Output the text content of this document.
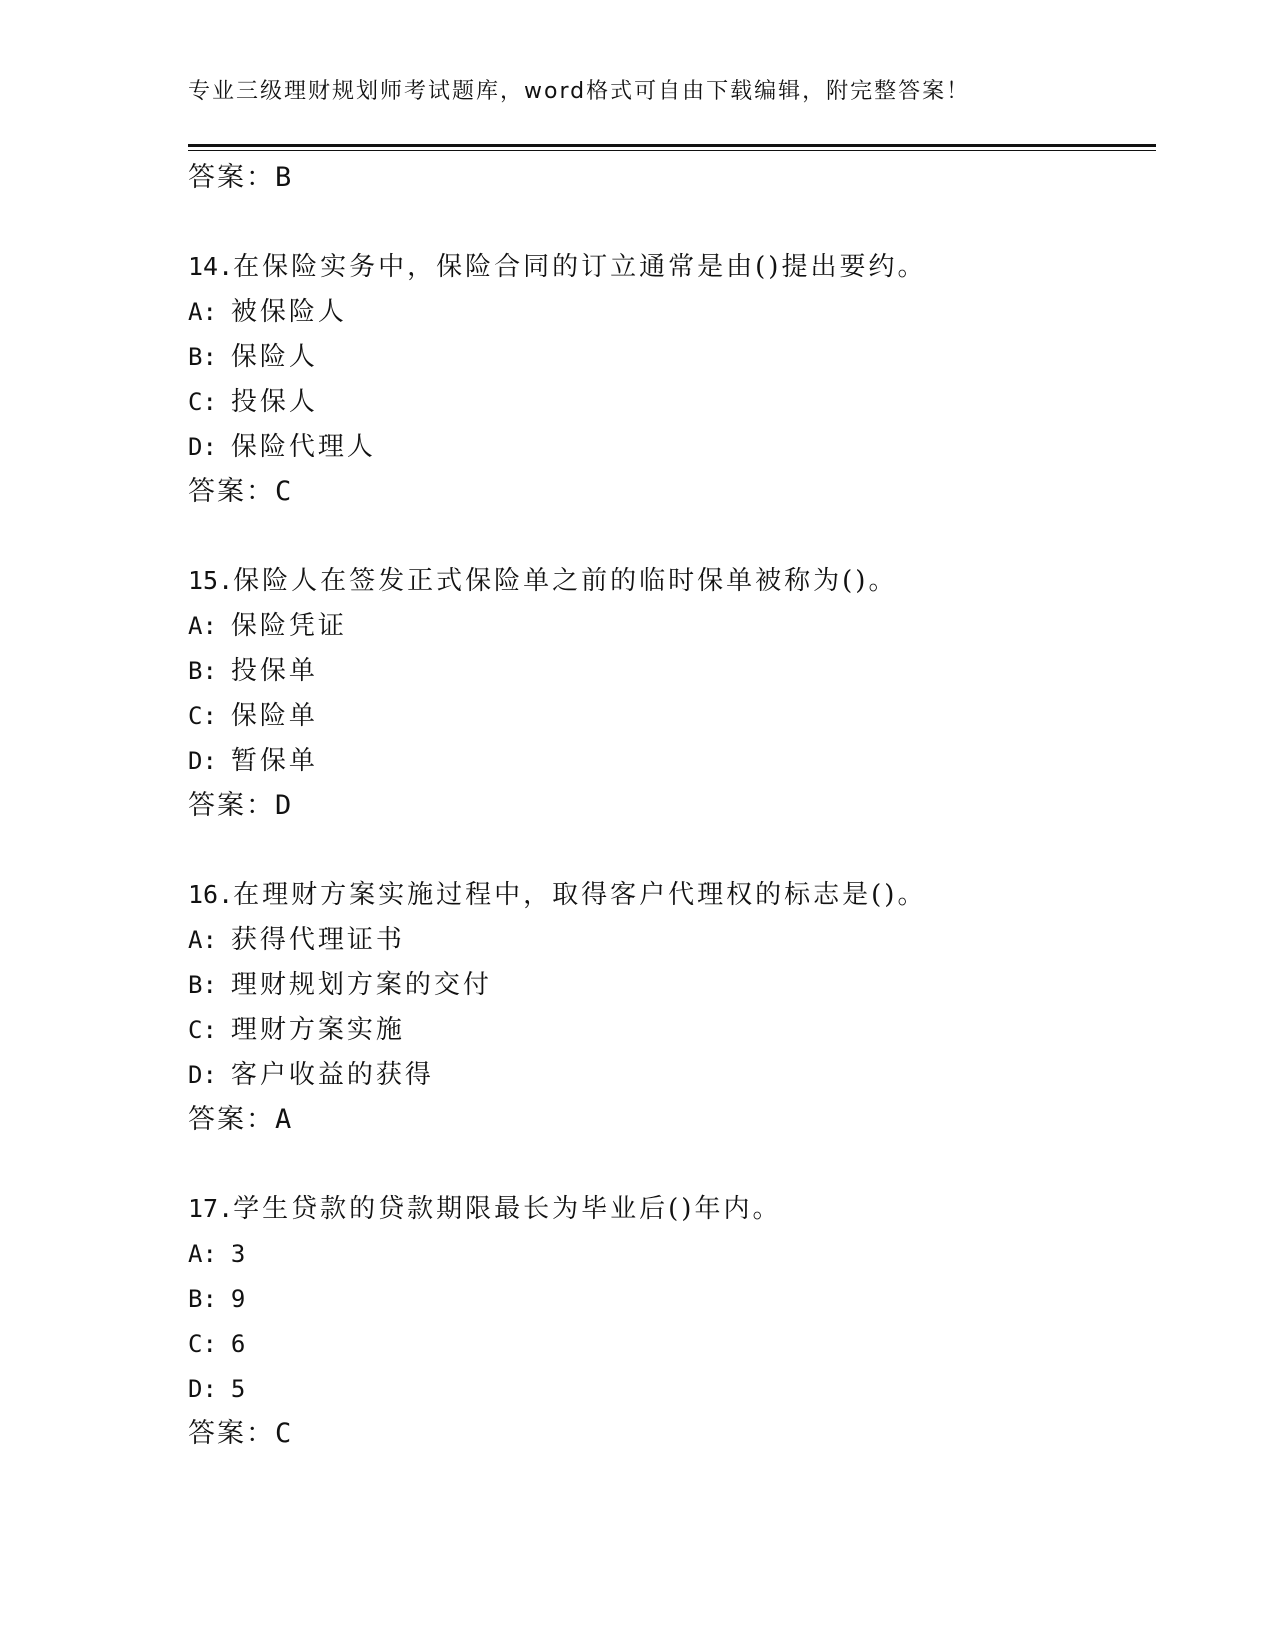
专业三级理财规划师考试题库，word格式可自由下载编辑，附完整答案！
答案：B
14.在保险实务中，保险合同的订立通常是由()提出要约。
A: 被保险人
B: 保险人
C: 投保人
D: 保险代理人
答案：C
15.保险人在签发正式保险单之前的临时保单被称为()。
A: 保险凭证
B: 投保单
C: 保险单
D: 暂保单
答案：D
16.在理财方案实施过程中，取得客户代理权的标志是()。
A: 获得代理证书
B: 理财规划方案的交付
C: 理财方案实施
D: 客户收益的获得
答案：A
17.学生贷款的贷款期限最长为毕业后()年内。
A: 3
B: 9
C: 6
D: 5
答案：C
